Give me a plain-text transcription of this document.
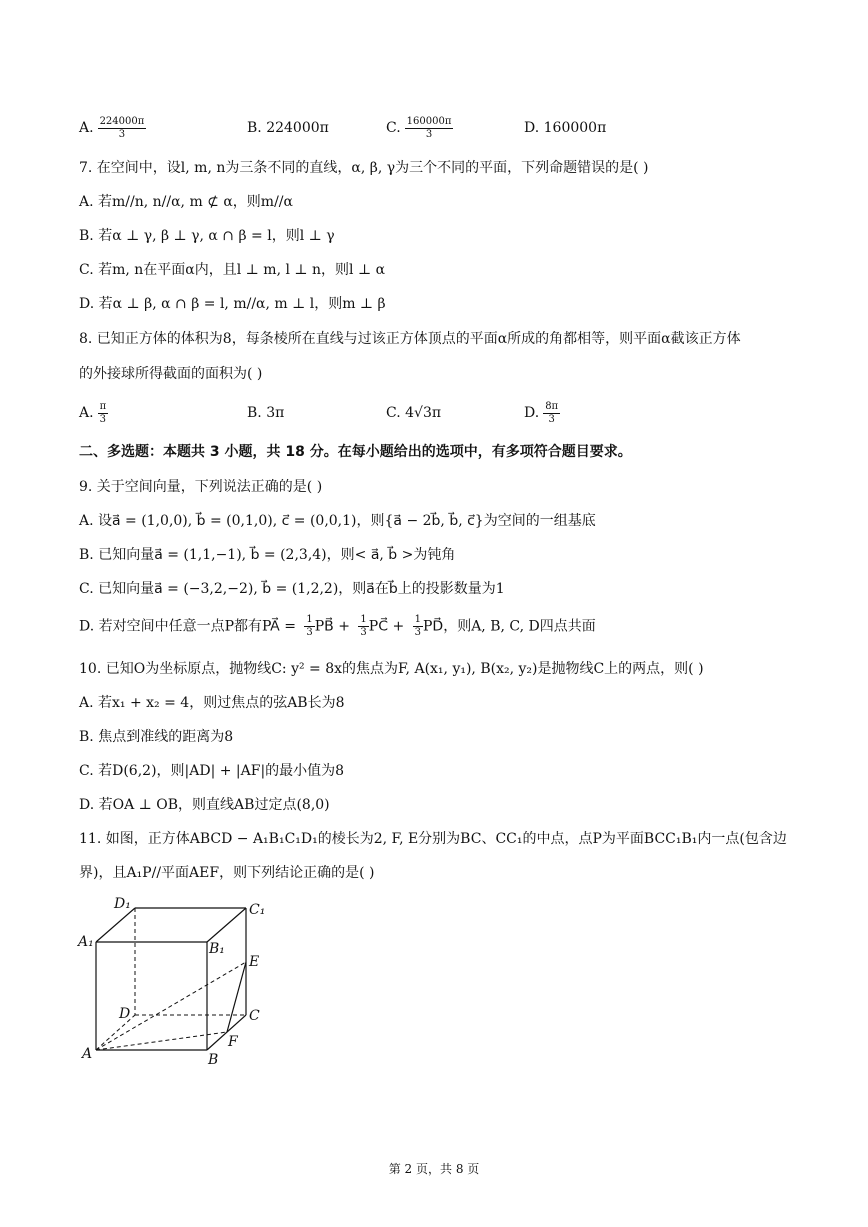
A. $\frac{224000\pi}{3}$	B. 224000π	C. $\frac{160000\pi}{3}$	D. 160000π
7. 在空间中，设l, m, n为三条不同的直线，α, β, γ为三个不同的平面，下列命题错误的是( )
A. 若m//n, n//α, m ⊄ α，则m//α
B. 若α ⊥ γ, β ⊥ γ, α ∩ β = l，则l ⊥ γ
C. 若m, n在平面α内，且l ⊥ m, l ⊥ n，则l ⊥ α
D. 若α ⊥ β, α ∩ β = l, m//α, m ⊥ l，则m ⊥ β
8. 已知正方体的体积为8，每条棱所在直线与过该正方体顶点的平面α所成的角都相等，则平面α截该正方体
的外接球所得截面的面积为( )
A. $\frac{\pi}{3}$	B. 3π	C. 4√3π	D. $\frac{8\pi}{3}$
二、多选题：本题共 3 小题，共 18 分。在每小题给出的选项中，有多项符合题目要求。
9. 关于空间向量，下列说法正确的是( )
A. 设a⃗ = (1,0,0), b⃗ = (0,1,0), c⃗ = (0,0,1)，则{a⃗ − 2b⃗, b⃗, c⃗}为空间的一组基底
B. 已知向量a⃗ = (1,1,−1), b⃗ = (2,3,4)，则< a⃗, b⃗ >为钝角
C. 已知向量a⃗ = (−3,2,−2), b⃗ = (1,2,2)，则a⃗在b⃗上的投影数量为1
D. 若对空间中任意一点P都有PA⃗ = $\frac{1}{3}$ PB⃗ + $\frac{1}{3}$ PC⃗ + $\frac{1}{3}$ PD⃗，则A, B, C, D四点共面
10. 已知O为坐标原点，抛物线C: y² = 8x的焦点为F, A(x₁, y₁), B(x₂, y₂)是抛物线C上的两点，则( )
A. 若x₁ + x₂ = 4，则过焦点的弦AB长为8
B. 焦点到准线的距离为8
C. 若D(6,2)，则|AD| + |AF|的最小值为8
D. 若OA ⊥ OB，则直线AB过定点(8,0)
11. 如图，正方体ABCD − A₁B₁C₁D₁的棱长为2, F, E分别为BC、CC₁的中点，点P为平面BCC₁B₁内一点(包含边
界)，且A₁P//平面AEF，则下列结论正确的是( )
D₁	C₁
A₁	B₁
E
D	C
A
F
B
第 2 页，共 8 页
